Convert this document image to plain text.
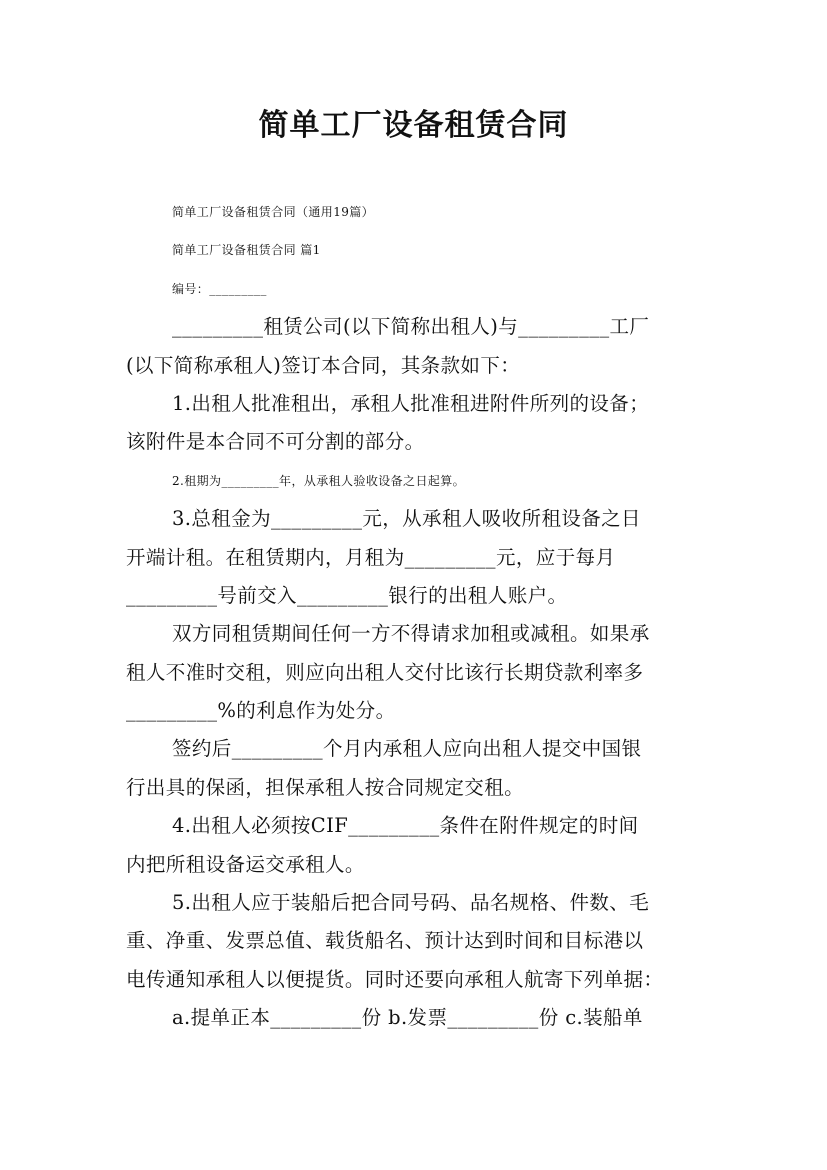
简单工厂设备租赁合同
简单工厂设备租赁合同（通用19篇）
简单工厂设备租赁合同 篇1
编号：_________
_________租赁公司(以下简称出租人)与_________工厂
(以下简称承租人)签订本合同，其条款如下：
1.出租人批准租出，承租人批准租进附件所列的设备；
该附件是本合同不可分割的部分。
2.租期为_________年，从承租人验收设备之日起算。
3.总租金为_________元，从承租人吸收所租设备之日
开端计租。在租赁期内，月租为_________元，应于每月
_________号前交入_________银行的出租人账户。
双方同租赁期间任何一方不得请求加租或减租。如果承
租人不准时交租，则应向出租人交付比该行长期贷款利率多
_________%的利息作为处分。
签约后_________个月内承租人应向出租人提交中国银
行出具的保函，担保承租人按合同规定交租。
4.出租人必须按CIF_________条件在附件规定的时间
内把所租设备运交承租人。
5.出租人应于装船后把合同号码、品名规格、件数、毛
重、净重、发票总值、载货船名、预计达到时间和目标港以
电传通知承租人以便提货。同时还要向承租人航寄下列单据：
a.提单正本_________份 b.发票_________份 c.装船单
